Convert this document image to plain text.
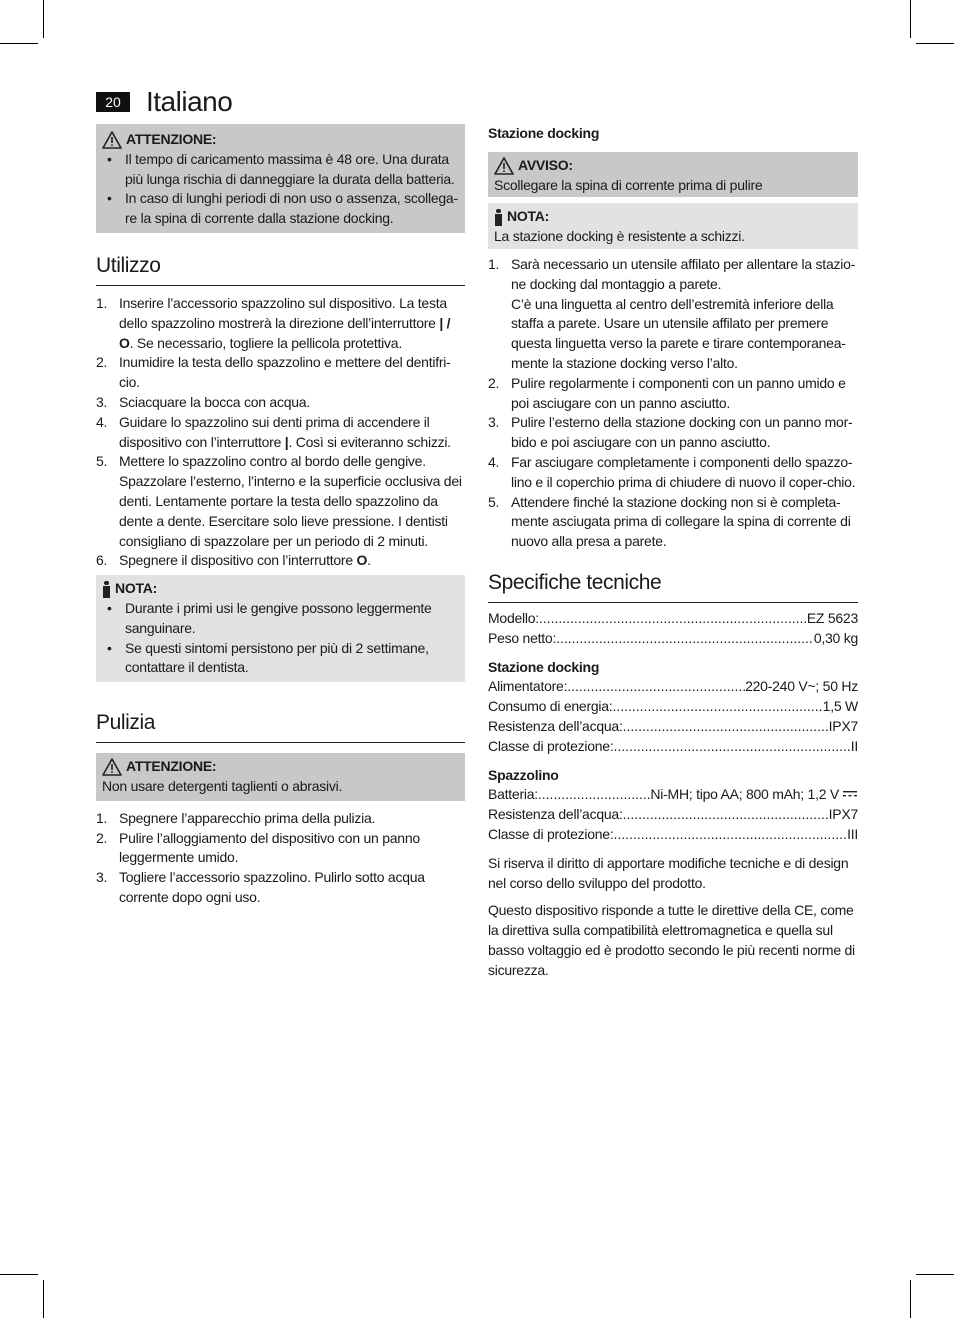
20 Italiano
ATTENZIONE:
• Il tempo di caricamento massima è 48 ore. Una durata più lunga rischia di danneggiare la durata della batteria.
• In caso di lunghi periodi di non uso o assenza, scollega-re la spina di corrente dalla stazione docking.
Utilizzo
1. Inserire l’accessorio spazzolino sul dispositivo. La testa dello spazzolino mostrerà la direzione dell’interruttore | / O. Se necessario, togliere la pellicola protettiva.
2. Inumidire la testa dello spazzolino e mettere del dentifri-cio.
3. Sciacquare la bocca con acqua.
4. Guidare lo spazzolino sui denti prima di accendere il dispositivo con l’interruttore |. Così si eviteranno schizzi.
5. Mettere lo spazzolino contro al bordo delle gengive. Spazzolare l’esterno, l’interno e la superficie occlusiva dei denti. Lentamente portare la testa dello spazzolino da dente a dente. Esercitare solo lieve pressione. I dentisti consigliano di spazzolare per un periodo di 2 minuti.
6. Spegnere il dispositivo con l’interruttore O.
NOTA:
• Durante i primi usi le gengive possono leggermente sanguinare.
• Se questi sintomi persistono per più di 2 settimane, contattare il dentista.
Pulizia
ATTENZIONE:

Non usare detergenti taglienti o abrasivi.

1. Spegnere l’apparecchio prima della pulizia.
2. Pulire l’alloggiamento del dispositivo con un panno leggermente umido.
3. Togliere l’accessorio spazzolino. Pulirlo sotto acqua corrente dopo ogni uso.

Stazione docking

AVVISO:

Scollegare la spina di corrente prima di pulire

NOTA:

La stazione docking è resistente a schizzi.

1. Sarà necessario un utensile affilato per allentare la stazio-ne docking dal montaggio a parete.
C’è una linguetta al centro dell’estremità inferiore della staffa a parete. Usare un utensile affilato per premere questa linguetta verso la parete e tirare contemporanea-mente la stazione docking verso l’alto.
2. Pulire regolarmente i componenti con un panno umido e poi asciugare con un panno asciutto.
3. Pulire l’esterno della stazione docking con un panno mor-bido e poi asciugare con un panno asciutto.
4. Far asciugare completamente i componenti dello spazzo-lino e il coperchio prima di chiudere di nuovo il coper-chio.
5. Attendere finché la stazione docking non si è completa-mente asciugata prima di collegare la spina di corrente di nuovo alla presa a parete.
Specifiche tecniche
Modello: .....	EZ 5623
Peso netto: .....	0,30 kg

Stazione docking

Alimentatore: .....	220-240 V~; 50 Hz
Consumo di energia: .....	1,5 W
Resistenza dell’acqua: .....	IPX7
Classe di protezione: .....	II

Spazzolino

Batteria: .....	Ni-MH; tipo AA; 800 mAh; 1,2 V
Resistenza dell’acqua: .....	IPX7
Classe di protezione: .....	III

Si riserva il diritto di apportare modifiche tecniche e di design nel corso dello sviluppo del prodotto.

Questo dispositivo risponde a tutte le direttive della CE, come la direttiva sulla compatibilità elettromagnetica e quella sul basso voltaggio ed è prodotto secondo le più recenti norme di sicurezza.
